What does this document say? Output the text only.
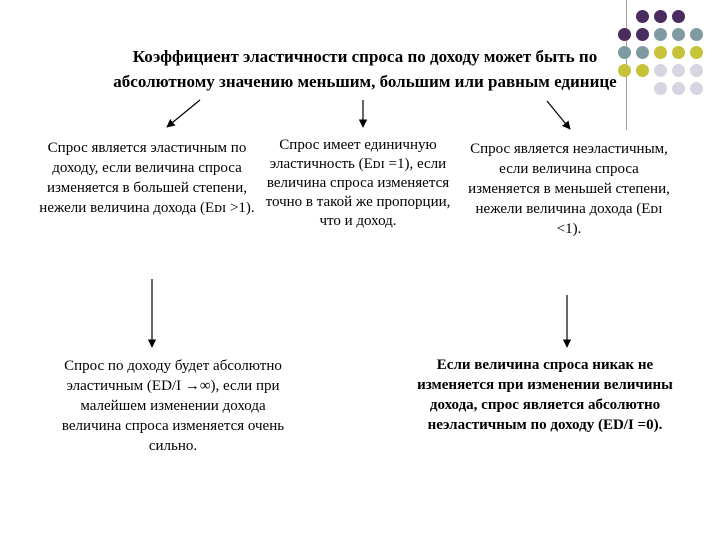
Коэффициент эластичности спроса по доходу может быть по
абсолютному значению меньшим, большим или равным единице
Спрос является эластичным по доходу, если величина спроса изменяется в большей степени, нежели величина дохода (Eᴅɪ >1).
Спрос имеет единичную эластичность (Eᴅɪ =1), если величина спроса изменяется точно в такой же пропорции, что и доход.
Спрос является неэластичным, если величина спроса изменяется в меньшей степени, нежели величина дохода (Eᴅɪ <1).
Спрос по доходу будет абсолютно эластичным (ED/I →∞), если при малейшем изменении дохода величина спроса изменяется очень сильно.
Если величина спроса никак не изменяется при изменении величины дохода, спрос является абсолютно неэластичным по доходу (ED/I =0).
